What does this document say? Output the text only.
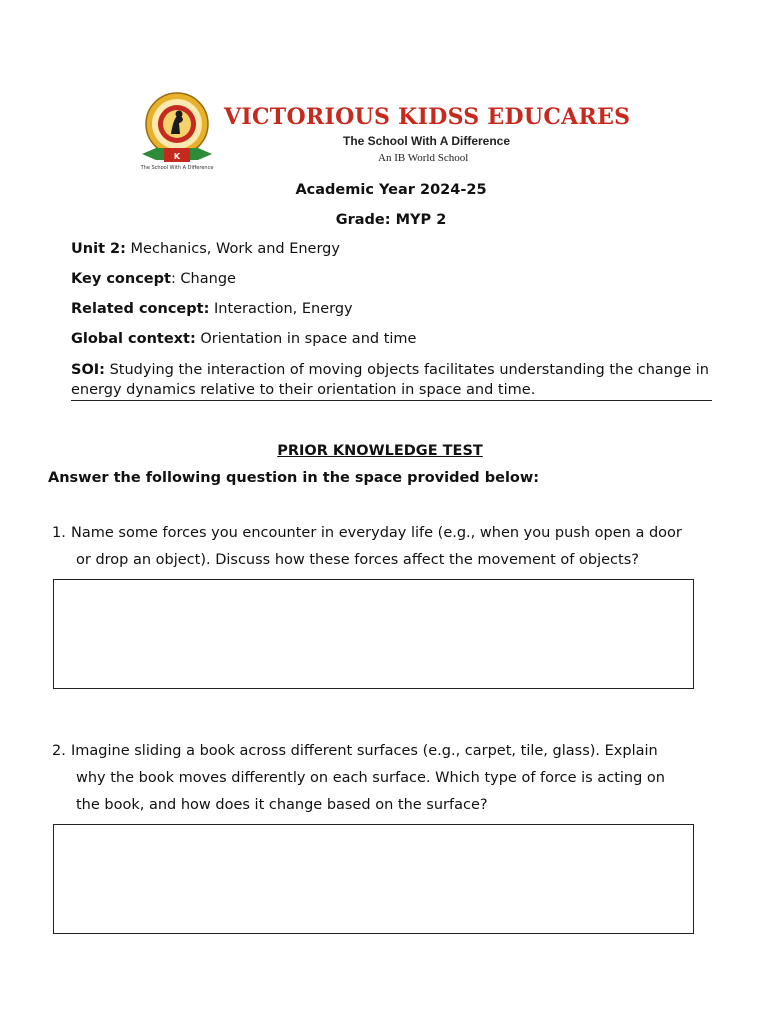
K
The School With A Difference
VICTORIOUS KIDSS EDUCARES

The School With A Difference

An IB World School

Academic Year 2024-25

Grade: MYP 2

Unit 2: Mechanics, Work and Energy

Key concept: Change

Related concept: Interaction, Energy

Global context: Orientation in space and time

SOI: Studying the interaction of moving objects facilitates understanding the change in energy dynamics relative to their orientation in space and time.

PRIOR KNOWLEDGE TEST

Answer the following question in the space provided below:

1. Name some forces you encounter in everyday life (e.g., when you push open a door
or drop an object). Discuss how these forces affect the movement of objects?
2. Imagine sliding a book across different surfaces (e.g., carpet, tile, glass). Explain
why the book moves differently on each surface. Which type of force is acting on
the book, and how does it change based on the surface?
